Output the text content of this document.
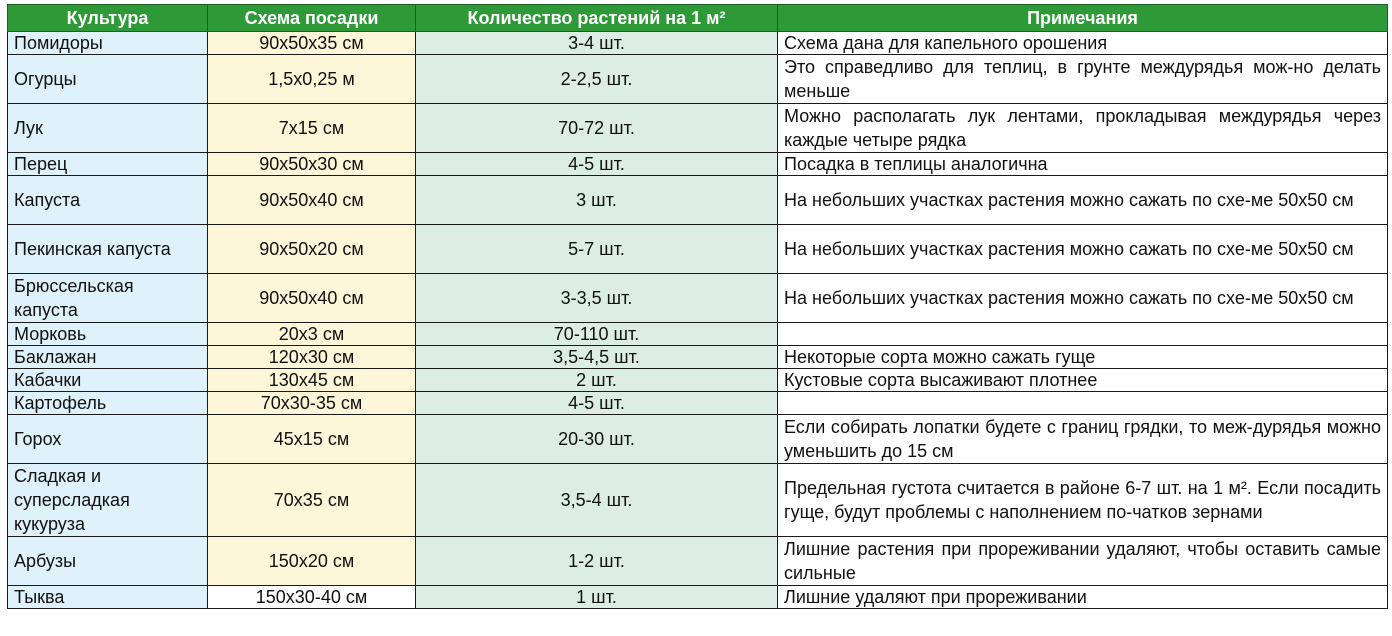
Культура	Схема посадки	Количество растений на 1 м²	Примечания
Помидоры	90х50х35 см	3-4 шт.	Схема дана для капельного орошения
Огурцы	1,5х0,25 м	2-2,5 шт.	Это справедливо для теплиц, в грунте междурядья мож-но делать меньше
Лук	7х15 см	70-72 шт.	Можно располагать лук лентами, прокладывая междурядья через каждые четыре рядка
Перец	90х50х30 см	4-5 шт.	Посадка в теплицы аналогична
Капуста	90х50х40 см	3 шт.	На небольших участках растения можно сажать по схе-ме 50х50 см
Пекинская капуста	90х50х20 см	5-7 шт.	На небольших участках растения можно сажать по схе-ме 50х50 см
Брюссельская капуста	90х50х40 см	3-3,5 шт.	На небольших участках растения можно сажать по схе-ме 50х50 см
Морковь	20х3 см	70-110 шт.	
Баклажан	120х30 см	3,5-4,5 шт.	Некоторые сорта можно сажать гуще
Кабачки	130х45 см	2 шт.	Кустовые сорта высаживают плотнее
Картофель	70х30-35 см	4-5 шт.	
Горох	45х15 см	20-30 шт.	Если собирать лопатки будете с границ грядки, то меж-дурядья можно уменьшить до 15 см
Сладкая и суперсладкая кукуруза	70х35 см	3,5-4 шт.	Предельная густота считается в районе 6-7 шт. на 1 м². Если посадить гуще, будут проблемы с наполнением по-чатков зернами
Арбузы	150х20 см	1-2 шт.	Лишние растения при прореживании удаляют, чтобы оставить самые сильные
Тыква	150х30-40 см	1 шт.	Лишние удаляют при прореживании
